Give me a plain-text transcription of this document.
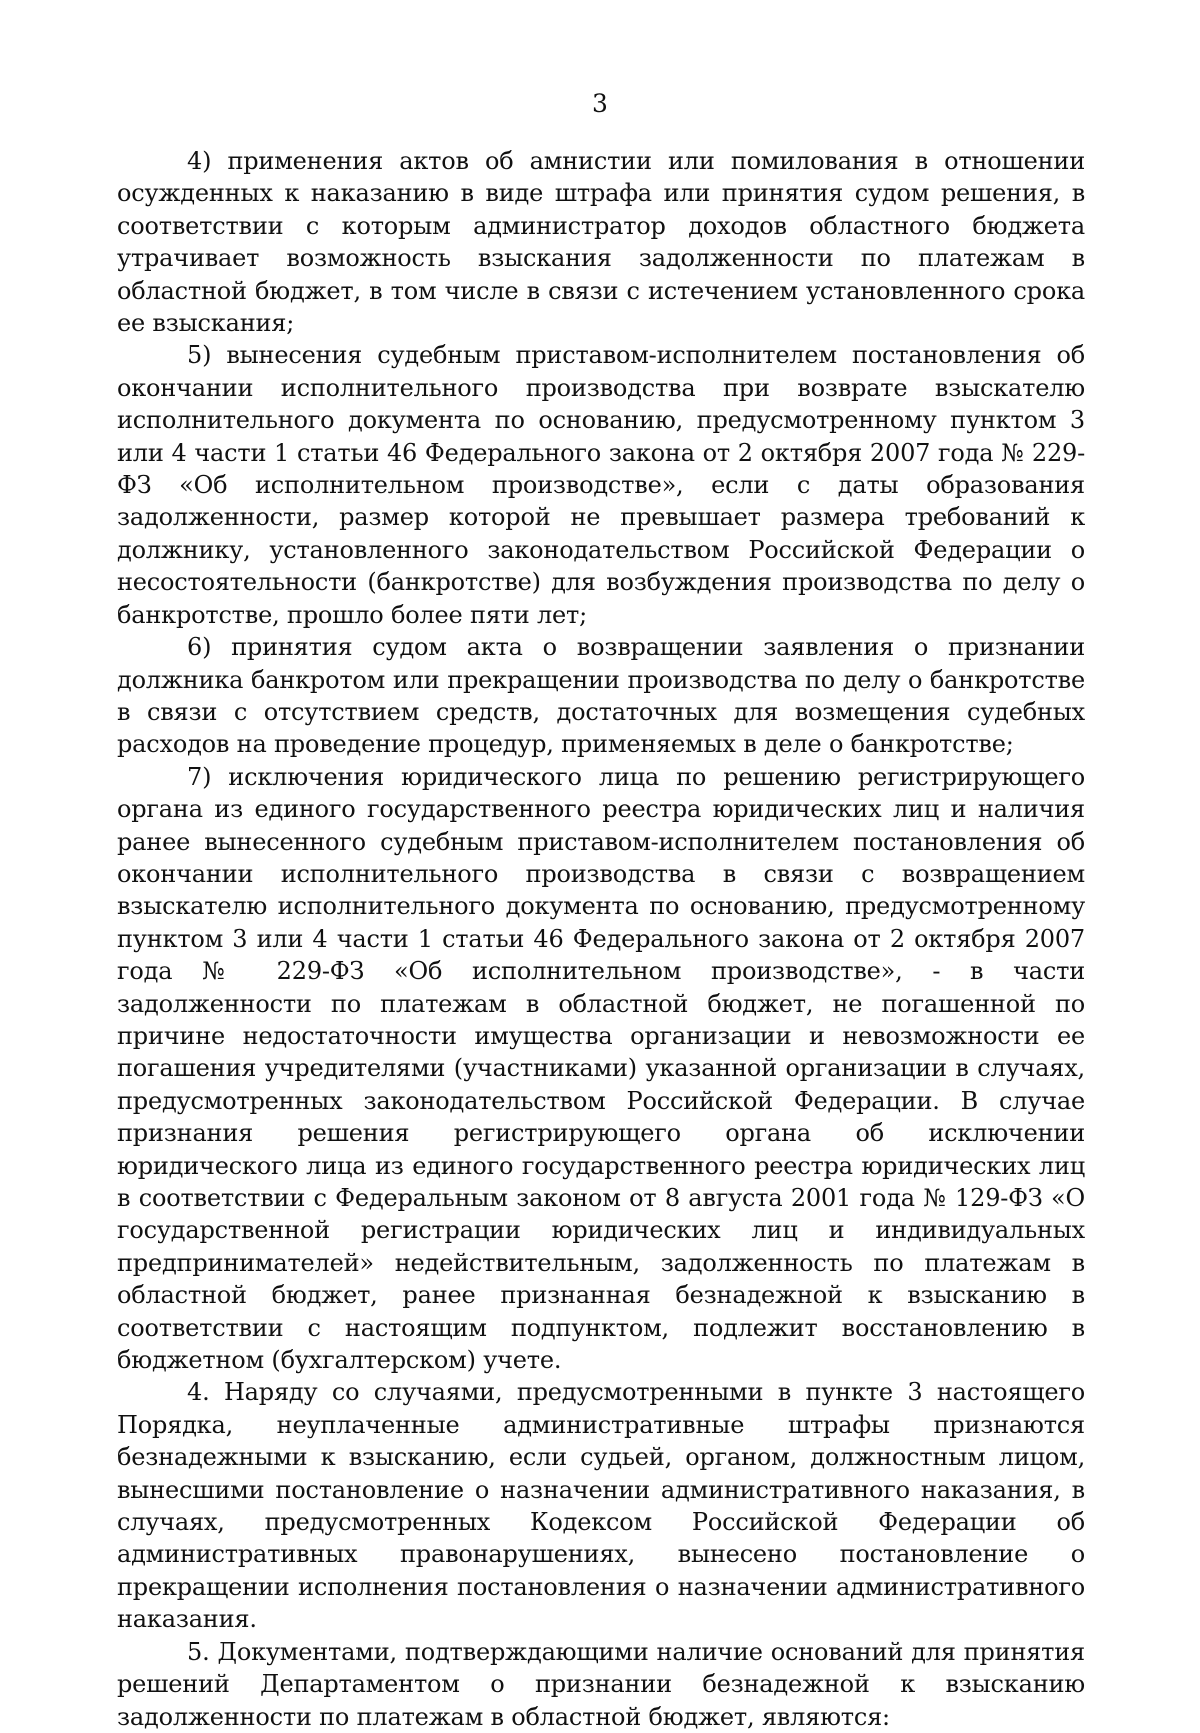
3

4) применения актов об амнистии или помилования в отношении осужденных к наказанию в виде штрафа или принятия судом решения, в соответствии с которым администратор доходов областного бюджета утрачивает возможность взыскания задолженности по платежам в областной бюджет, в том числе в связи с истечением установленного срока ее взыскания;

5) вынесения судебным приставом-исполнителем постановления об окончании исполнительного производства при возврате взыскателю исполнительного документа по основанию, предусмотренному пунктом 3 или 4 части 1 статьи 46 Федерального закона от 2 октября 2007 года № 229-ФЗ «Об исполнительном производстве», если с даты образования задолженности, размер которой не превышает размера требований к должнику, установленного законодательством Российской Федерации о несостоятельности (банкротстве) для возбуждения производства по делу о банкротстве, прошло более пяти лет;

6) принятия судом акта о возвращении заявления о признании должника банкротом или прекращении производства по делу о банкротстве в связи с отсутствием средств, достаточных для возмещения судебных расходов на проведение процедур, применяемых в деле о банкротстве;

7) исключения юридического лица по решению регистрирующего органа из единого государственного реестра юридических лиц и наличия ранее вынесенного судебным приставом-исполнителем постановления об окончании исполнительного производства в связи с возвращением взыскателю исполнительного документа по основанию, предусмотренному пунктом 3 или 4 части 1 статьи 46 Федерального закона от 2 октября 2007 года № 229-ФЗ «Об исполнительном производстве», - в части задолженности по платежам в областной бюджет, не погашенной по причине недостаточности имущества организации и невозможности ее погашения учредителями (участниками) указанной организации в случаях, предусмотренных законодательством Российской Федерации. В случае признания решения регистрирующего органа об исключении юридического лица из единого государственного реестра юридических лиц в соответствии с Федеральным законом от 8 августа 2001 года № 129-ФЗ «О государственной регистрации юридических лиц и индивидуальных предпринимателей» недействительным, задолженность по платежам в областной бюджет, ранее признанная безнадежной к взысканию в соответствии с настоящим подпунктом, подлежит восстановлению в бюджетном (бухгалтерском) учете.

4. Наряду со случаями, предусмотренными в пункте 3 настоящего Порядка, неуплаченные административные штрафы признаются безнадежными к взысканию, если судьей, органом, должностным лицом, вынесшими постановление о назначении административного наказания, в случаях, предусмотренных Кодексом Российской Федерации об административных правонарушениях, вынесено постановление о прекращении исполнения постановления о назначении административного наказания.

5. Документами, подтверждающими наличие оснований для принятия решений Департаментом о признании безнадежной к взысканию задолженности по платежам в областной бюджет, являются:
